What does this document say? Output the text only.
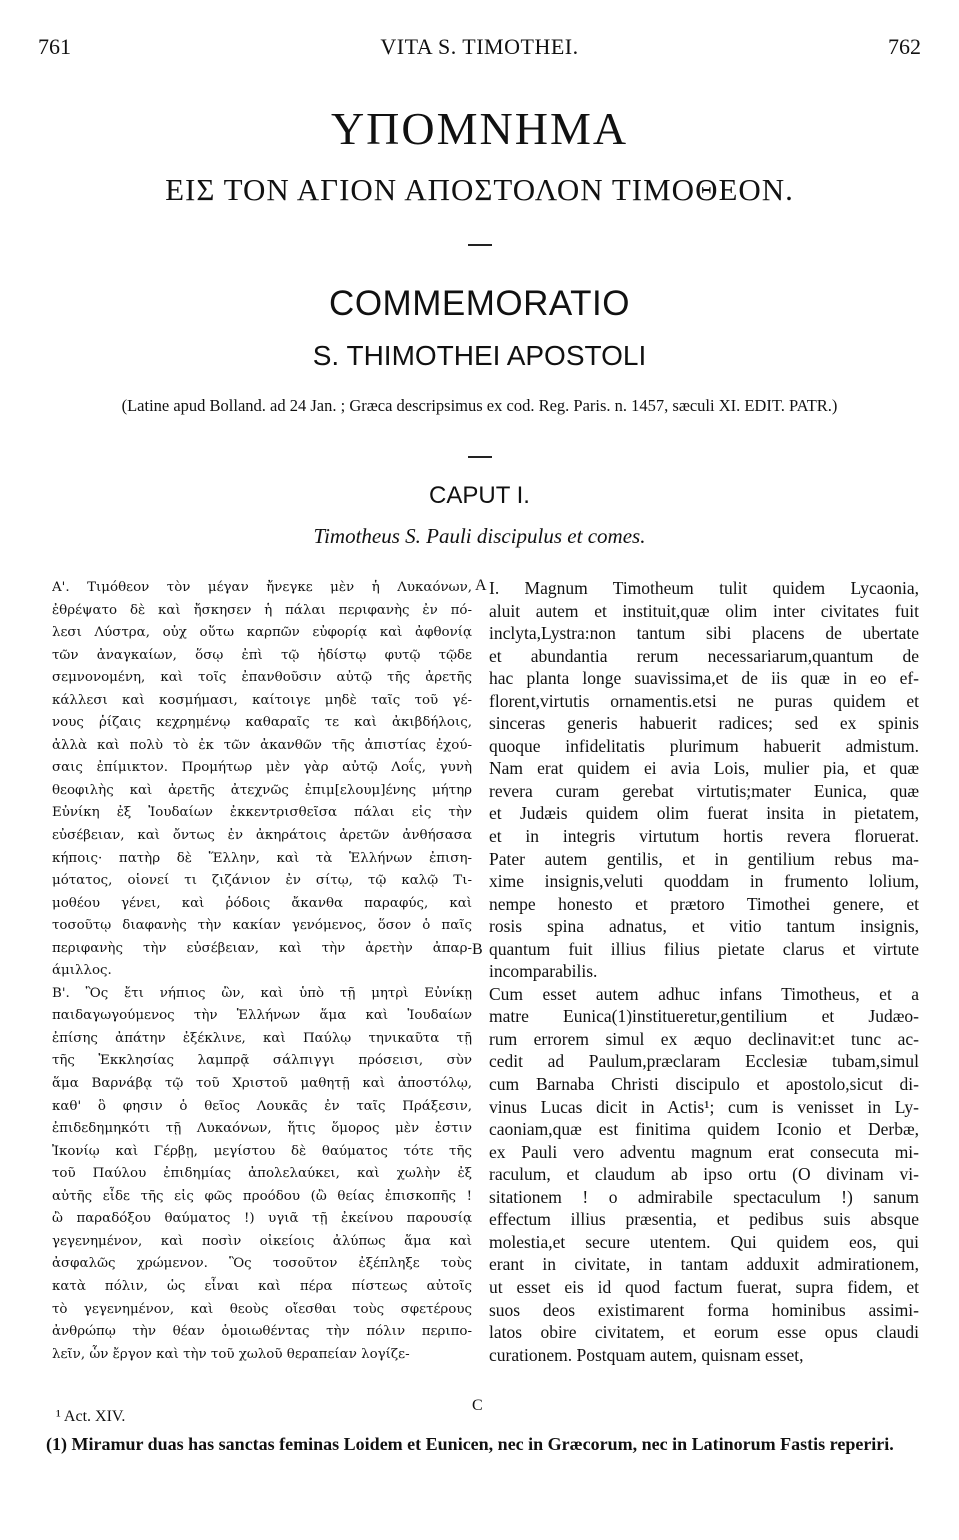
761	VITA S. TIMOTHEI.	762
ΥΠΟΜΝΗΜΑ
ΕΙΣ ΤΟΝ ΑΓΙΟΝ ΑΠΟΣΤΟΛΟΝ ΤΙΜΟΘΕΟΝ.
COMMEMORATIO
S. THIMOTHEI APOSTOLI
(Latine apud Bolland. ad 24 Jan. ; Græca descripsimus ex cod. Reg. Paris. n. 1457, sæculi XI. EDIT. PATR.)
CAPUT I.
Timotheus S. Pauli discipulus et comes.
Α'. Τιμόθεον τὸν μέγαν ἤνεγκε μὲν ἡ Λυκαόνων,
ἐθρέψατο δὲ καὶ ἤσκησεν ἡ πάλαι περιφανὴς ἐν πό-
λεσι Λύστρα, οὐχ οὕτω καρπῶν εὐφορίᾳ καὶ ἀφθονίᾳ
τῶν ἀναγκαίων, ὅσῳ ἐπὶ τῷ ἡδίστῳ φυτῷ τῷδε
σεμνονομένη, καὶ τοῖς ἐπανθοῦσιν αὐτῷ τῆς ἀρετῆς
κάλλεσι καὶ κοσμήμασι, καίτοιγε μηδὲ ταῖς τοῦ γέ-
νους ῥίζαις κεχρημένῳ καθαραῖς τε καὶ ἀκιβδήλοις,
ἀλλὰ καὶ πολὺ τὸ ἐκ τῶν ἀκανθῶν τῆς ἀπιστίας ἐχού-
σαις ἐπίμικτον. Προμήτωρ μὲν γὰρ αὐτῷ Λοΐς, γυνὴ
θεοφιλὴς καὶ ἀρετῆς ἀτεχνῶς ἐπιμ[ελουμ]ένης μήτηρ
Εὐνίκη ἐξ Ἰουδαίων ἐκκεντρισθεῖσα πάλαι εἰς τὴν
εὐσέβειαν, καὶ ὄντως ἐν ἀκηράτοις ἀρετῶν ἀνθήσασα
κήποις· πατὴρ δὲ Ἕλλην, καὶ τὰ Ἑλλήνων ἐπιση-
μότατος, οἱονεί τι ζιζάνιον ἐν σίτῳ, τῷ καλῷ Τι-
μοθέου γένει, καὶ ῥόδοις ἄκανθα παραφύς, καὶ
τοσοῦτῳ διαφανὴς τὴν κακίαν γενόμενος, ὅσον ὁ παῖς
περιφανὴς τὴν εὐσέβειαν, καὶ τὴν ἀρετὴν ἀπαρ-
άμιλλος.
Β'. Ὃς ἔτι νήπιος ὢν, καὶ ὑπὸ τῇ μητρὶ Εὐνίκῃ
παιδαγωγούμενος τὴν Ἑλλήνων ἅμα καὶ Ἰουδαίων
ἐπίσης ἀπάτην ἐξέκλινε, καὶ Παύλῳ τηνικαῦτα τῇ
τῆς Ἐκκλησίας λαμπρᾷ σάλπιγγι πρόσεισι, σὺν
ἅμα Βαρνάβᾳ τῷ τοῦ Χριστοῦ μαθητῇ καὶ ἀποστόλῳ,
καθ' ὃ φησιν ὁ θεῖος Λουκᾶς ἐν ταῖς Πράξεσιν,
ἐπιδεδημηκότι τῇ Λυκαόνων, ἥτις ὅμορος μὲν ἐστιν
Ἰκονίῳ καὶ Γέρβῃ, μεγίστου δὲ θαύματος τότε τῆς
τοῦ Παύλου ἐπιδημίας ἀπολελαύκει, καὶ χωλὴν ἐξ
αὐτῆς εἶδε τῆς εἰς φῶς προόδου (ὢ θείας ἐπισκοπῆς !
ὢ παραδόξου θαύματος !) υγιᾶ τῇ ἐκείνου παρουσίᾳ
γεγενημένον, καὶ ποσὶν οἰκείοις ἀλύπως ἅμα καὶ
ἀσφαλῶς χρώμενον. Ὃς τοσοῦτον ἐξέπληξε τοὺς
κατὰ πόλιν, ὡς εἶναι καὶ πέρα πίστεως αὐτοῖς
τὸ γεγενημένον, καὶ θεοὺς οἴεσθαι τοὺς σφετέρους
ἀνθρώπῳ τὴν θέαν ὁμοιωθέντας τὴν πόλιν περιπο-
λεῖν, ὧν ἔργον καὶ τὴν τοῦ χωλοῦ θεραπείαν λογίζε-
I. Magnum Timotheum tulit quidem Lycaonia,
aluit autem et instituit,quæ olim inter civitates fuit
inclyta,Lystra:non tantum sibi placens de ubertate
et abundantia rerum necessariarum,quantum de
hac planta longe suavissima,et de iis quæ in eo ef-
florent,virtutis ornamentis.etsi ne puras quidem et
sinceras generis habuerit radices; sed ex spinis
quoque infidelitatis plurimum habuerit admistum.
Nam erat quidem ei avia Lois, mulier pia, et quæ
revera curam gerebat virtutis;mater Eunica, quæ
et Judæis quidem olim fuerat insita in pietatem,
et in integris virtutum hortis revera floruerat.
Pater autem gentilis, et in gentilium rebus ma-
xime insignis,veluti quoddam in frumento lolium,
nempe honesto et prætoro Timothei genere, et
rosis spina adnatus, et vitio tantum insignis,
quantum fuit illius filius pietate clarus et virtute
incomparabilis.
Cum esset autem adhuc infans Timotheus, et a
matre Eunica(1)institueretur,gentilium et Judæo-
rum errorem simul ex æquo declinavit:et tunc ac-
cedit ad Paulum,præclaram Ecclesiæ tubam,simul
cum Barnaba Christi discipulo et apostolo,sicut di-
vinus Lucas dicit in Actis¹; cum is venisset in Ly-
caoniam,quæ est finitima quidem Iconio et Derbæ,
ex Pauli vero adventu magnum erat consecuta mi-
raculum, et claudum ab ipso ortu (O divinam vi-
sitationem ! o admirabile spectaculum !) sanum
effectum illius præsentia, et pedibus suis absque
molestia,et secure utentem. Qui quidem eos, qui
erant in civitate, in tantam adduxit admirationem,
ut esset eis id quod factum fuerat, supra fidem, et
suos deos existimarent forma hominibus assimi-
latos obire civitatem, et eorum esse opus claudi
curationem. Postquam autem, quisnam esset,
A
B
C
¹ Act. XIV.
(1) Miramur duas has sanctas feminas Loidem et Eunicen, nec in Græcorum, nec in Latinorum Fastis reperiri.
